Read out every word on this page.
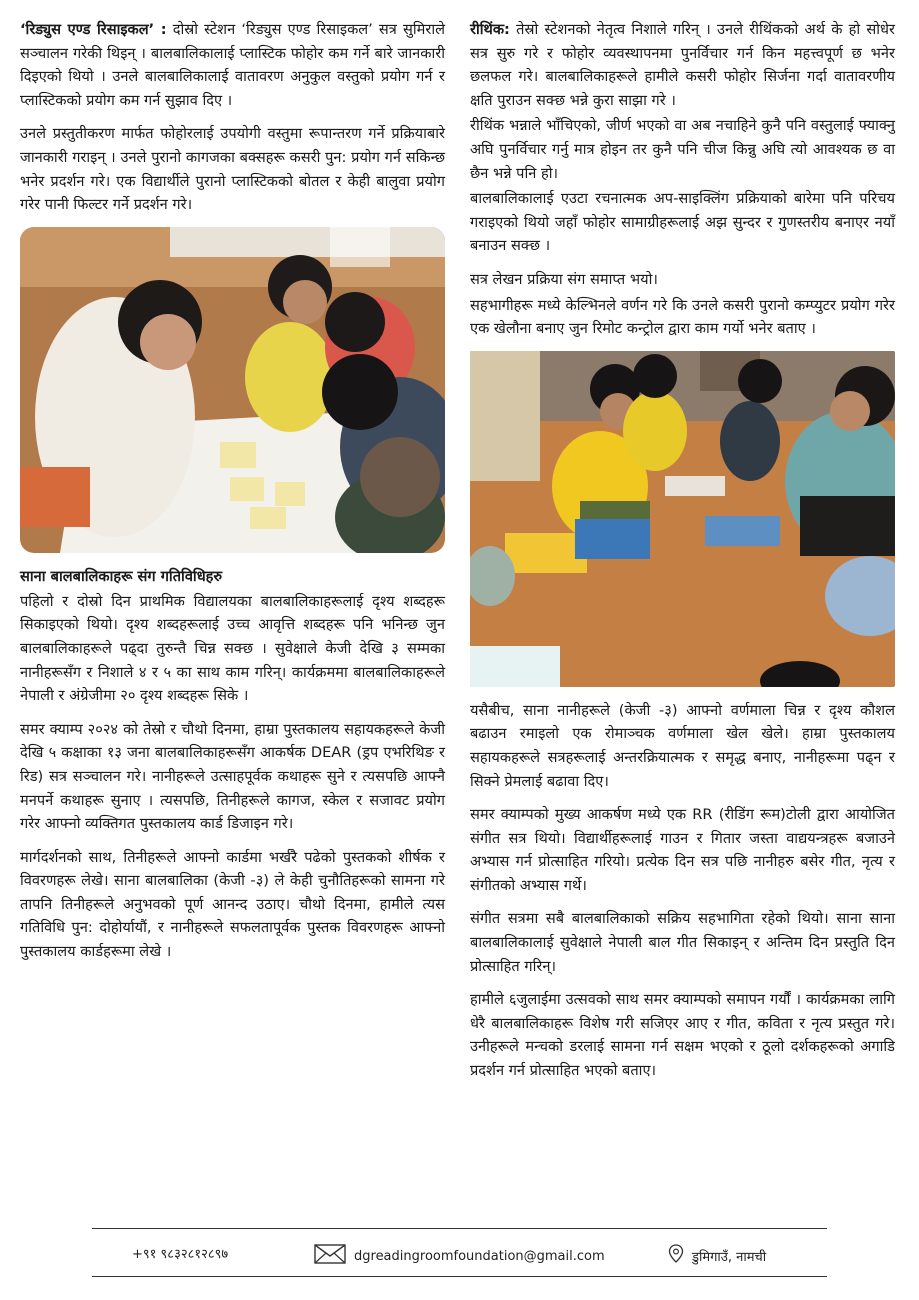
‘रिड्युस एण्ड रिसाइकल’ : दोस्रो स्टेशन ‘रिड्युस एण्ड रिसाइकल’ सत्र सुमिराले सञ्चालन गरेकी थिइन् । बालबालिकालाई प्लास्टिक फोहोर कम गर्ने बारे जानकारी दिइएको थियो । उनले बालबालिकालाई वातावरण अनुकुल वस्तुको प्रयोग गर्न र प्लास्टिकको प्रयोग कम गर्न सुझाव दिए ।

उनले प्रस्तुतीकरण मार्फत फोहोरलाई उपयोगी वस्तुमा रूपान्तरण गर्ने प्रक्रियाबारे जानकारी गराइन् । उनले पुरानो कागजका बक्सहरू कसरी पुन: प्रयोग गर्न सकिन्छ भनेर प्रदर्शन गरे। एक विद्यार्थीले पुरानो प्लास्टिकको बोतल र केही बालुवा प्रयोग गरेर पानी फिल्टर गर्ने प्रदर्शन गरे।

साना बालबालिकाहरू संग गतिविधिहरु

पहिलो र दोस्रो दिन प्राथमिक विद्यालयका बालबालिकाहरूलाई दृश्य शब्दहरू सिकाइएको थियो। दृश्य शब्दहरूलाई उच्च आवृत्ति शब्दहरू पनि भनिन्छ जुन बालबालिकाहरूले पढ्दा तुरुन्तै चिन्न सक्छ । सुवेक्षाले केजी देखि ३ सम्मका नानीहरूसँग र निशाले ४ र ५ का साथ काम गरिन्। कार्यक्रममा बालबालिकाहरूले नेपाली र अंग्रेजीमा २० दृश्य शब्दहरू सिके ।

समर क्याम्प २०२४ को तेस्रो र चौथो दिनमा, हाम्रा पुस्तकालय सहायकहरूले केजी देखि ५ कक्षाका १३ जना बालबालिकाहरूसँग आकर्षक DEAR (ड्रप एभरिथिङ र रिड) सत्र सञ्चालन गरे। नानीहरूले उत्साहपूर्वक कथाहरू सुने र त्यसपछि आफ्नै मनपर्ने कथाहरू सुनाए । त्यसपछि, तिनीहरूले कागज, स्केल र सजावट प्रयोग गरेर आफ्नो व्यक्तिगत पुस्तकालय कार्ड डिजाइन गरे।

मार्गदर्शनको साथ, तिनीहरूले आफ्नो कार्डमा भर्खरै पढेको पुस्तकको शीर्षक र विवरणहरू लेखे। साना बालबालिका (केजी -३) ले केही चुनौतिहरूको सामना गरे तापनि तिनीहरूले अनुभवको पूर्ण आनन्द उठाए। चौथो दिनमा, हामीले त्यस गतिविधि पुन: दोहोर्यायौं, र नानीहरूले सफलतापूर्वक पुस्तक विवरणहरू आफ्नो पुस्तकालय कार्डहरूमा लेखे ।

रीथिंक: तेस्रो स्टेशनको नेतृत्व निशाले गरिन् । उनले रीथिंकको अर्थ के हो सोधेर सत्र सुरु गरे र फोहोर व्यवस्थापनमा पुनर्विचार गर्न किन महत्त्वपूर्ण छ भनेर छलफल गरे। बालबालिकाहरूले हामीले कसरी फोहोर सिर्जना गर्दा वातावरणीय क्षति पुराउन सक्छ भन्ने कुरा साझा गरे ।

रीथिंक भन्नाले भाँचिएको, जीर्ण भएको वा अब नचाहिने कुनै पनि वस्तुलाई फ्याक्नु अघि पुनर्विचार गर्नु मात्र होइन तर कुनै पनि चीज किन्नु अघि त्यो आवश्यक छ वा छैन भन्ने पनि हो।

बालबालिकालाई एउटा रचनात्मक अप-साइक्लिंग प्रक्रियाको बारेमा पनि परिचय गराइएको थियो जहाँ फोहोर सामाग्रीहरूलाई अझ सुन्दर र गुणस्तरीय बनाएर नयाँ बनाउन सक्छ ।

सत्र लेखन प्रक्रिया संग समाप्त भयो।

सहभागीहरू मध्ये केल्भिनले वर्णन गरे कि उनले कसरी पुरानो कम्प्युटर प्रयोग गरेर एक खेलौना बनाए जुन रिमोट कन्ट्रोल द्वारा काम गर्यो भनेर बताए ।

यसैबीच, साना नानीहरूले (केजी -३) आफ्नो वर्णमाला चिन्न र दृश्य कौशल बढाउन रमाइलो एक रोमाञ्चक वर्णमाला खेल खेले। हाम्रा पुस्तकालय सहायकहरूले सत्रहरूलाई अन्तरक्रियात्मक र समृद्ध बनाए, नानीहरूमा पढ्न र सिक्ने प्रेमलाई बढावा दिए।

समर क्याम्पको मुख्य आकर्षण मध्ये एक RR (रीडिंग रूम)टोली द्वारा आयोजित संगीत सत्र थियो। विद्यार्थीहरूलाई गाउन र गितार जस्ता वाद्ययन्त्रहरू बजाउने अभ्यास गर्न प्रोत्साहित गरियो। प्रत्येक दिन सत्र पछि नानीहरु बसेर गीत, नृत्य र संगीतको अभ्यास गर्थे।

संगीत सत्रमा सबै बालबालिकाको सक्रिय सहभागिता रहेको थियो। साना साना बालबालिकालाई सुवेक्षाले नेपाली बाल गीत सिकाइन् र अन्तिम दिन प्रस्तुति दिन प्रोत्साहित गरिन्।

हामीले ६जुलाईमा उत्सवको साथ समर क्याम्पको समापन गर्यौं । कार्यक्रमका लागि धेरै बालबालिकाहरू विशेष गरी सजिएर आए र गीत, कविता र नृत्य प्रस्तुत गरे। उनीहरूले मन्चको डरलाई सामना गर्न सक्षम भएको र ठूलो दर्शकहरूको अगाडि प्रदर्शन गर्न प्रोत्साहित भएको बताए।

+९१ ९८३२८१२८९७	dgreadingroomfoundation@gmail.com	डुमिगाउँ, नामची
